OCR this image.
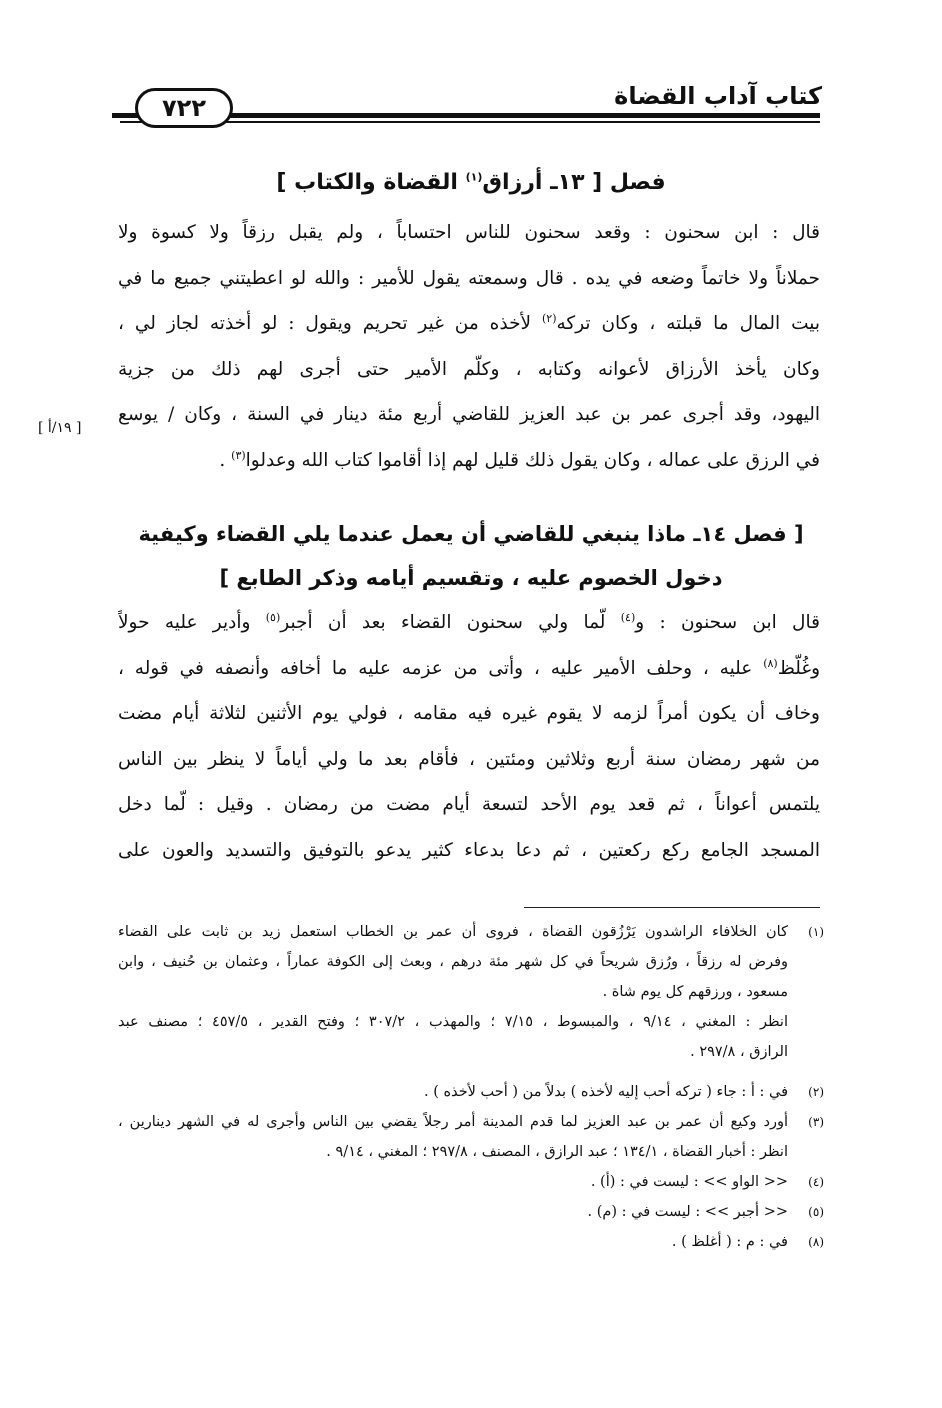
كتاب آداب القضاة
٧٢٢
فصل [ ١٣ـ أرزاق$^{(١)}$ القضاة والكتاب ]
قال : ابن سحنون : وقعد سحنون للناس احتساباً ، ولم يقبل رزقاً ولا كسوة ولا
حملاناً ولا خاتماً وضعه في يده . قال وسمعته يقول للأمير : والله لو اعطيتني جميع ما في
بيت المال ما قبلته ، وكان تركه$^{(٢)}$ لأخذه من غير تحريم ويقول : لو أخذته لجاز لي ،
وكان يأخذ الأرزاق لأعوانه وكتابه ، وكلّم الأمير حتى أجرى لهم ذلك من جزية
اليهود، وقد أجرى عمر بن عبد العزيز للقاضي أربع مئة دينار في السنة ، وكان / يوسع
في الرزق على عماله ، وكان يقول ذلك قليل لهم إذا أقاموا كتاب الله وعدلوا$^{(٣)}$ .
[ ١٩/أ ]
[ فصل ١٤ـ ماذا ينبغي للقاضي أن يعمل عندما يلي القضاء وكيفية
دخول الخصوم عليه ، وتقسيم أيامه وذكر الطابع ]
قال ابن سحنون : و$^{(٤)}$ لّما ولي سحنون القضاء بعد أن أجبر$^{(٥)}$ وأدير عليه حولاً
وغُلّظ$^{(٨)}$ عليه ، وحلف الأمير عليه ، وأتى من عزمه عليه ما أخافه وأنصفه في قوله ،
وخاف أن يكون أمراً لزمه لا يقوم غيره فيه مقامه ، فولي يوم الأثنين لثلاثة أيام مضت
من شهر رمضان سنة أربع وثلاثين ومئتين ، فأقام بعد ما ولي أياماً لا ينظر بين الناس
يلتمس أعواناً ، ثم قعد يوم الأحد لتسعة أيام مضت من رمضان . وقيل : لّما دخل
المسجد الجامع ركع ركعتين ، ثم دعا بدعاء كثير يدعو بالتوفيق والتسديد والعون على
(١)
كان الخلافاء الراشدون يَرْزُقون القضاة ، فروى أن عمر بن الخطاب استعمل زيد بن ثابت على القضاء
وفرض له رزقاً ، ورُزق شريحاً في كل شهر مئة درهم ، وبعث إلى الكوفة عماراً ، وعثمان بن حُنيف ، وابن
مسعود ، ورزقهم كل يوم شاة .
انظر : المغني ، ٩/١٤ ، والمبسوط ، ٧/١٥ ؛ والمهذب ، ٣٠٧/٢ ؛ وفتح القدير ، ٤٥٧/٥ ؛ مصنف عبد
الرازق ، ٢٩٧/٨ .
(٢)
في : أ : جاء ( تركه أحب إليه لأخذه ) بدلاً من ( أحب لأخذه ) .
(٣)
أورد وكيع أن عمر بن عبد العزيز لما قدم المدينة أمر رجلاً يقضي بين الناس وأجرى له في الشهر دينارين ،
انظر : أخبار القضاة ، ١٣٤/١ ؛ عبد الرازق ، المصنف ، ٢٩٧/٨ ؛ المغني ، ٩/١٤ .
(٤)
<< الواو >> : ليست في : (أ) .
(٥)
<< أجبر >> : ليست في : (م) .
(٨)
في : م : ( أغلظ ) .
